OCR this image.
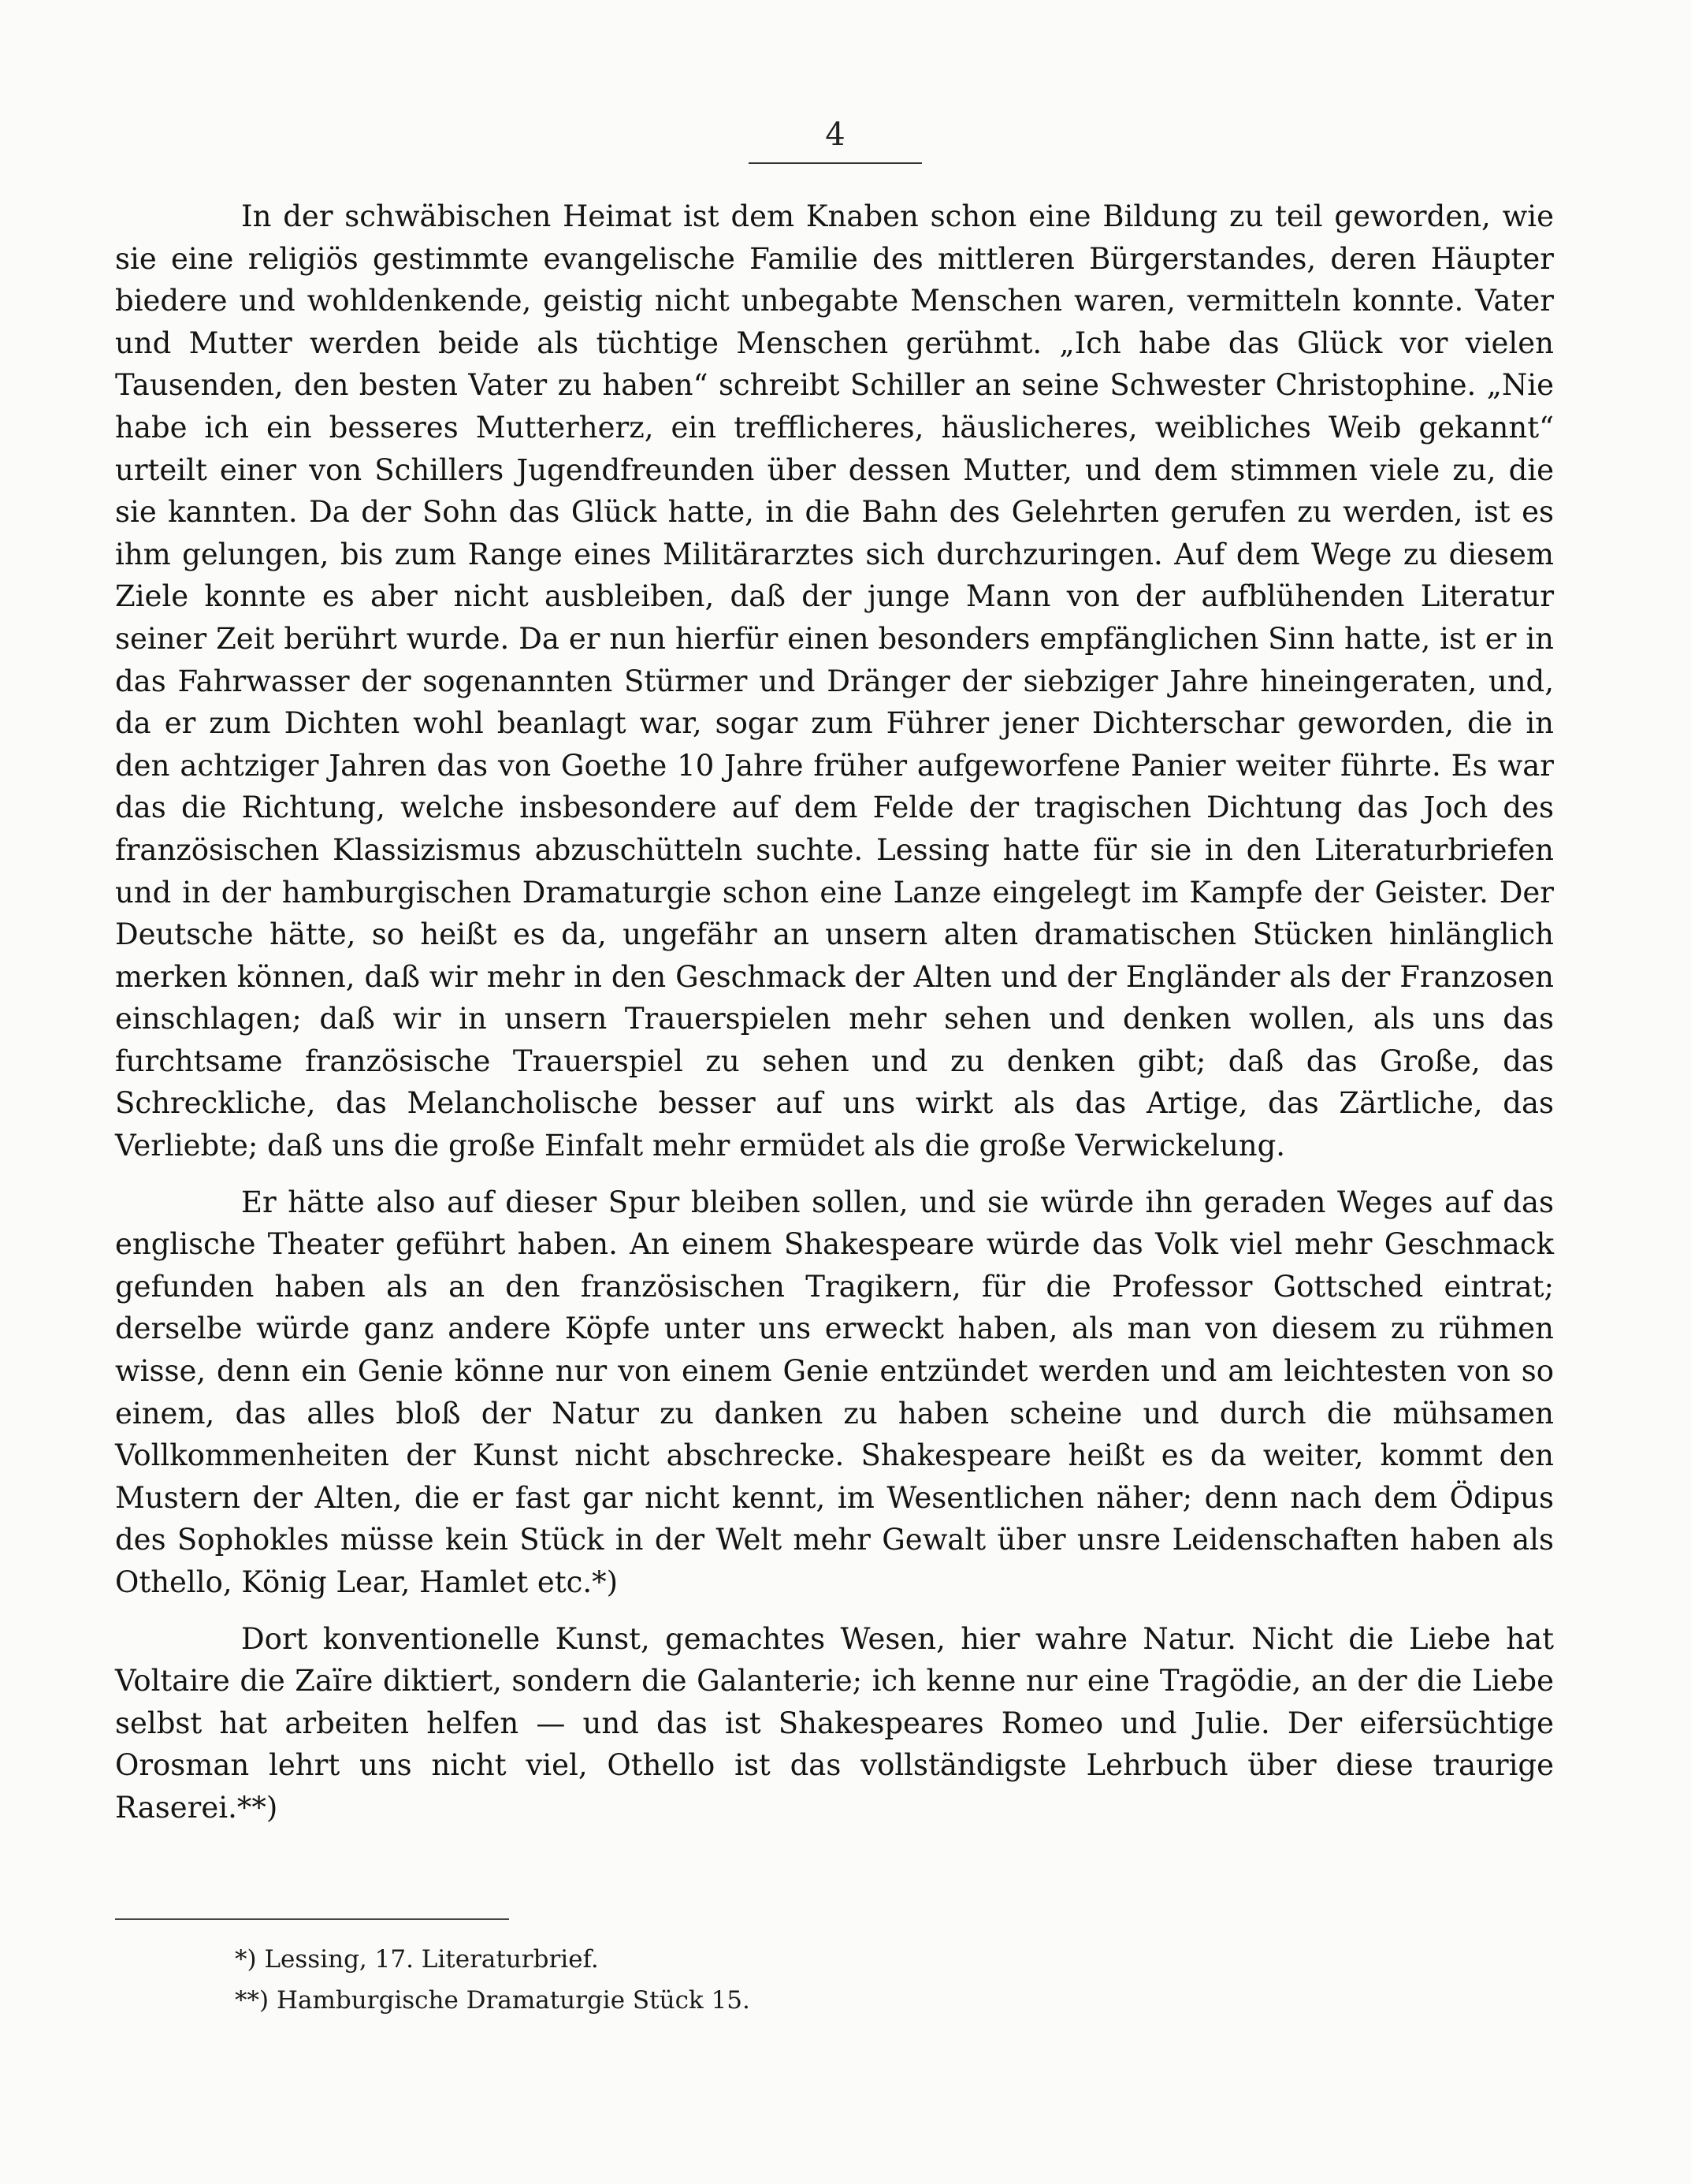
4

In der schwäbischen Heimat ist dem Knaben schon eine Bildung zu teil geworden, wie sie eine religiös gestimmte evangelische Familie des mittleren Bürgerstandes, deren Häupter biedere und wohldenkende, geistig nicht unbegabte Menschen waren, vermitteln konnte. Vater und Mutter werden beide als tüchtige Menschen gerühmt. „Ich habe das Glück vor vielen Tausenden, den besten Vater zu haben“ schreibt Schiller an seine Schwester Christophine. „Nie habe ich ein besseres Mutterherz, ein trefflicheres, häuslicheres, weibliches Weib gekannt“ urteilt einer von Schillers Jugendfreunden über dessen Mutter, und dem stimmen viele zu, die sie kannten. Da der Sohn das Glück hatte, in die Bahn des Gelehrten gerufen zu werden, ist es ihm gelungen, bis zum Range eines Militärarztes sich durchzuringen. Auf dem Wege zu diesem Ziele konnte es aber nicht ausbleiben, daß der junge Mann von der aufblühenden Literatur seiner Zeit berührt wurde. Da er nun hierfür einen besonders empfänglichen Sinn hatte, ist er in das Fahrwasser der sogenannten Stürmer und Dränger der siebziger Jahre hineingeraten, und, da er zum Dichten wohl beanlagt war, sogar zum Führer jener Dichterschar geworden, die in den achtziger Jahren das von Goethe 10 Jahre früher aufgeworfene Panier weiter führte. Es war das die Richtung, welche insbesondere auf dem Felde der tragischen Dichtung das Joch des französischen Klassizismus abzuschütteln suchte. Lessing hatte für sie in den Literaturbriefen und in der hamburgischen Dramaturgie schon eine Lanze eingelegt im Kampfe der Geister. Der Deutsche hätte, so heißt es da, ungefähr an unsern alten dramatischen Stücken hinlänglich merken können, daß wir mehr in den Geschmack der Alten und der Engländer als der Franzosen einschlagen; daß wir in unsern Trauerspielen mehr sehen und denken wollen, als uns das furchtsame französische Trauerspiel zu sehen und zu denken gibt; daß das Große, das Schreckliche, das Melancholische besser auf uns wirkt als das Artige, das Zärtliche, das Verliebte; daß uns die große Einfalt mehr ermüdet als die große Verwickelung.

Er hätte also auf dieser Spur bleiben sollen, und sie würde ihn geraden Weges auf das englische Theater geführt haben. An einem Shakespeare würde das Volk viel mehr Geschmack gefunden haben als an den französischen Tragikern, für die Professor Gottsched eintrat; derselbe würde ganz andere Köpfe unter uns erweckt haben, als man von diesem zu rühmen wisse, denn ein Genie könne nur von einem Genie entzündet werden und am leichtesten von so einem, das alles bloß der Natur zu danken zu haben scheine und durch die mühsamen Vollkommenheiten der Kunst nicht abschrecke. Shakespeare heißt es da weiter, kommt den Mustern der Alten, die er fast gar nicht kennt, im Wesentlichen näher; denn nach dem Ödipus des Sophokles müsse kein Stück in der Welt mehr Gewalt über unsre Leidenschaften haben als Othello, König Lear, Hamlet etc.*)

Dort konventionelle Kunst, gemachtes Wesen, hier wahre Natur. Nicht die Liebe hat Voltaire die Zaïre diktiert, sondern die Galanterie; ich kenne nur eine Tragödie, an der die Liebe selbst hat arbeiten helfen — und das ist Shakespeares Romeo und Julie. Der eifersüchtige Orosman lehrt uns nicht viel, Othello ist das vollständigste Lehrbuch über diese traurige Raserei.**)

*) Lessing, 17. Literaturbrief.
**) Hamburgische Dramaturgie Stück 15.
